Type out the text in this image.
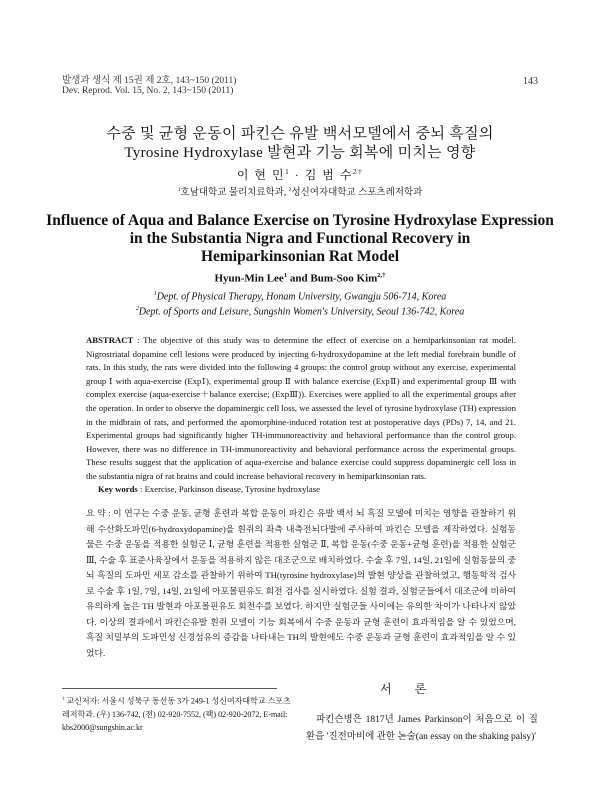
발생과 생식 제 15권 제 2호, 143~150 (2011)
Dev. Reprod. Vol. 15, No. 2, 143~150 (2011)
143
수중 및 균형 운동이 파킨슨 유발 백서모델에서 중뇌 흑질의
Tyrosine Hydroxylase 발현과 기능 회복에 미치는 영향
이 현 민$^1$ · 김 범 수$^{2\dagger}$
$^1$호남대학교 물리치료학과, $^2$성신여자대학교 스포츠레저학과
Influence of Aqua and Balance Exercise on Tyrosine Hydroxylase Expression
in the Substantia Nigra and Functional Recovery in
Hemiparkinsonian Rat Model
Hyun-Min Lee$^1$ and Bum-Soo Kim$^{2,\dagger}$
$^1$Dept. of Physical Therapy, Honam University, Gwangju 506-714, Korea
$^2$Dept. of Sports and Leisure, Sungshin Women's University, Seoul 136-742, Korea
ABSTRACT : The objective of this study was to determine the effect of exercise on a hemiparkinsonian rat model. Nigrostriatal dopamine cell lesions were produced by injecting 6-hydroxydopamine at the left medial forebrain bundle of rats. In this study, the rats were divided into the following 4 groups: the control group without any exercise, experimental group Ⅰ with aqua-exercise (ExpⅠ), experimental group Ⅱ with balance exercise (ExpⅡ) and experimental group Ⅲ with complex exercise (aqua-exercise＋balance exercise; (ExpⅢ)). Exercises were applied to all the experimental groups after the operation. In order to observe the dopaminergic cell loss, we assessed the level of tyrosine hydroxylase (TH) expression in the midbrain of rats, and performed the apomorphine-induced rotation test at postoperative days (PDs) 7, 14, and 21. Experimental groups had significantly higher TH-immunoreactivity and behavioral performance than the control group. However, there was no difference in TH-immunoreactivity and behavioral performance across the experimental groups. These results suggest that the application of aqua-exercise and balance exercise could suppress dopaminergic cell loss in the substantia nigra of rat brains and could increase behavioral recovery in hemiparkinsonian rats.
Key words : Exercise, Parkinson disease, Tyrosine hydroxylase
요 약 : 이 연구는 수중 운동, 균형 훈련과 복합 운동이 파킨슨 유발 백서 뇌 흑질 모델에 미치는 영향을 관찰하기 위해 수산화도파민(6-hydroxydopamine)을 흰쥐의 좌측 내측전뇌다발에 주사하여 파킨슨 모델을 제작하였다. 실험동물은 수중 운동을 적용한 실험군 Ⅰ, 균형 훈련을 적용한 실험군 Ⅱ, 복합 운동(수중 운동+균형 훈련)을 적용한 실험군 Ⅲ, 수술 후 표준사육장에서 운동을 적용하지 않은 대조군으로 배치하였다. 수술 후 7일, 14일, 21일에 실험동물의 중뇌 흑질의 도파민 세포 감소를 관찰하기 위하여 TH(tyrosine hydroxylase)의 발현 양상을 관찰하였고, 행동학적 검사로 수술 후 1일, 7일, 14일, 21일에 아포몰핀유도 회전 검사를 실시하였다. 실험 결과, 실험군들에서 대조군에 비하여 유의하게 높은 TH 발현과 아포몰핀유도 회전수를 보였다. 하지만 실험군들 사이에는 유의한 차이가 나타나지 않았다. 이상의 결과에서 파킨슨유발 흰쥐 모델이 기능 회복에서 수중 운동과 균형 훈련이 효과적임을 알 수 있었으며, 흑질 치밀부의 도파민성 신경섬유의 증감을 나타내는 TH의 발현에도 수중 운동과 균형 훈련이 효과적임을 알 수 있었다.
서 론
† 교신저자: 서울시 성북구 동선동 3가 249-1 성신여자대학교 스포츠레저학과. (우) 136-742, (전) 02-920-7552, (팩) 02-920-2072, E-mail: kbs2000@sungshin.ac.kr
파킨슨병은 1817년 James Parkinson이 처음으로 이 질환을 '진전마비에 관한 논술(an essay on the shaking palsy)'
